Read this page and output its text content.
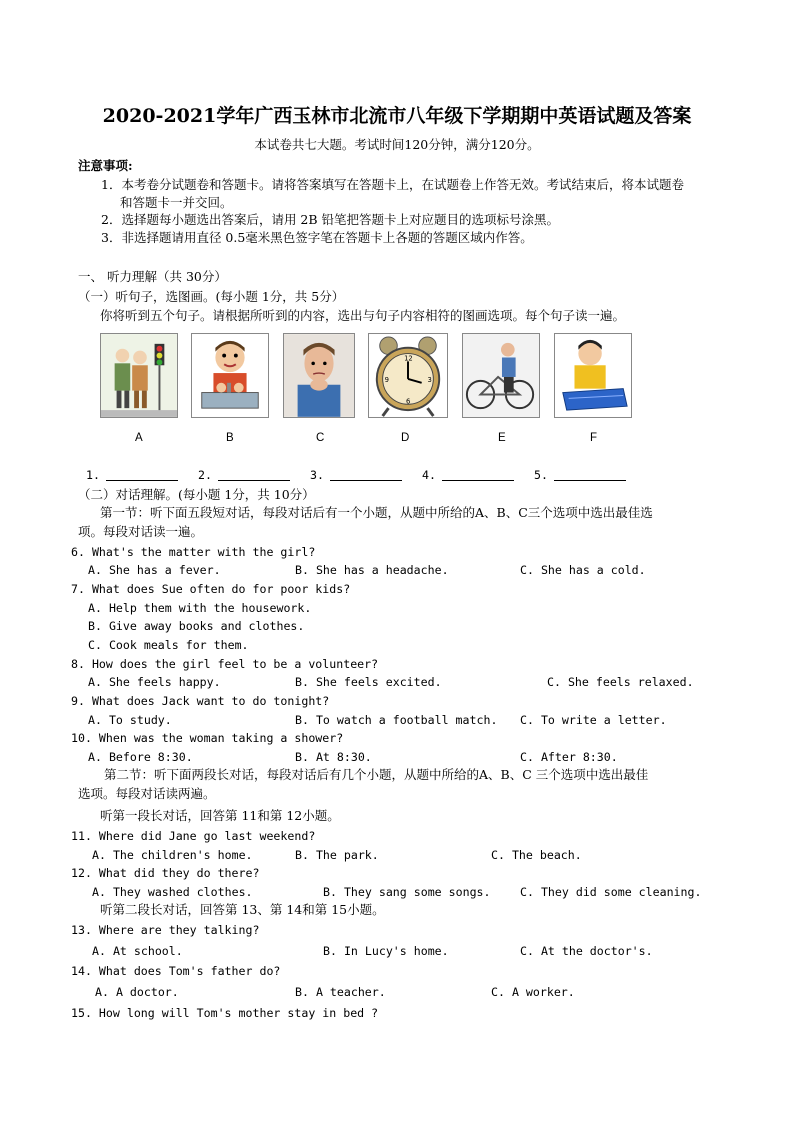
2020-2021学年广西玉林市北流市八年级下学期期中英语试题及答案
本试卷共七大题。考试时间120分钟，满分120分。
注意事项:
1．本考卷分试题卷和答题卡。请将答案填写在答题卡上，在试题卷上作答无效。考试结束后，将本试题卷
和答题卡一并交回。
2．选择题每小题选出答案后，请用 2B 铅笔把答题卡上对应题目的选项标号涂黑。
3．非选择题请用直径 0.5毫米黑色签字笔在答题卡上各题的答题区域内作答。
一、 听力理解（共 30分）
（一）听句子，选图画。(每小题 1分，共 5分）
你将听到五个句子。请根据所听到的内容，选出与句子内容相符的图画选项。每个句子读一遍。
12
3
6
9
A	B	C	D	E	F
1.	2.	3.	4.	5.
（二）对话理解。(每小题 1分，共 10分）
第一节：听下面五段短对话，每段对话后有一个小题，从题中所给的A、B、C三个选项中选出最佳选
项。每段对话读一遍。
6. What's the matter with the girl?
A. She has a fever.	B. She has a headache.	C. She has a cold.
7. What does Sue often do for poor kids?
A. Help them with the housework.
B. Give away books and clothes.
C. Cook meals for them.
8. How does the girl feel to be a volunteer?
A. She feels happy.	B. She feels excited.	C. She feels relaxed.
9. What does Jack want to do tonight?
A. To study.	B. To watch a football match. C. To write a letter.
10. When was the woman taking a shower?
A. Before 8:30.	B. At 8:30.	C. After 8:30.
第二节：听下面两段长对话，每段对话后有几个小题，从题中所给的A、B、C 三个选项中选出最佳
选项。每段对话读两遍。
听第一段长对话，回答第 11和第 12小题。
11. Where did Jane go last weekend?
A. The children's home.	B. The park.	C. The beach.
12. What did they do there?
A. They washed clothes.	B. They sang some songs.	C. They did some cleaning.
听第二段长对话，回答第 13、第 14和第 15小题。
13. Where are they talking?
A. At school.	B. In Lucy's home.	C. At the doctor's.
14. What does Tom's father do?
A. A doctor.	B. A teacher.	C. A worker.
15. How long will Tom's mother stay in bed ?
